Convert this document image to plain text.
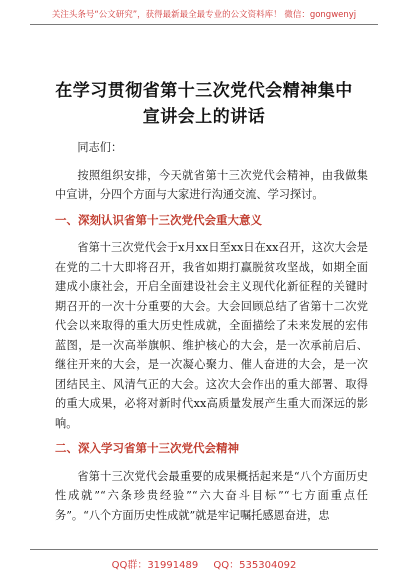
关注头条号“公文研究”，获得最新最全最专业的公文资料库！ 微信：gongwenyj
在学习贯彻省第十三次党代会精神集中宣讲会上的讲话

同志们：

按照组织安排，今天就省第十三次党代会精神，由我做集中宣讲，分四个方面与大家进行沟通交流、学习探讨。

一、深刻认识省第十三次党代会重大意义

省第十三次党代会于x月xx日至xx日在xx召开，这次大会是在党的二十大即将召开，我省如期打赢脱贫攻坚战，如期全面建成小康社会，开启全面建设社会主义现代化新征程的关键时期召开的一次十分重要的大会。大会回顾总结了省第十二次党代会以来取得的重大历史性成就，全面描绘了未来发展的宏伟蓝图，是一次高举旗帜、维护核心的大会，是一次承前启后、继往开来的大会，是一次凝心聚力、催人奋进的大会，是一次团结民主、风清气正的大会。这次大会作出的重大部署、取得的重大成果，必将对新时代xx高质量发展产生重大而深远的影响。

二、深入学习省第十三次党代会精神

省第十三次党代会最重要的成果概括起来是“八个方面历史性成就”“六条珍贵经验”“六大奋斗目标”“七方面重点任务”。“八个方面历史性成就”就是牢记嘱托感恩奋进，忠

QQ群：31991489 QQ：535304092
